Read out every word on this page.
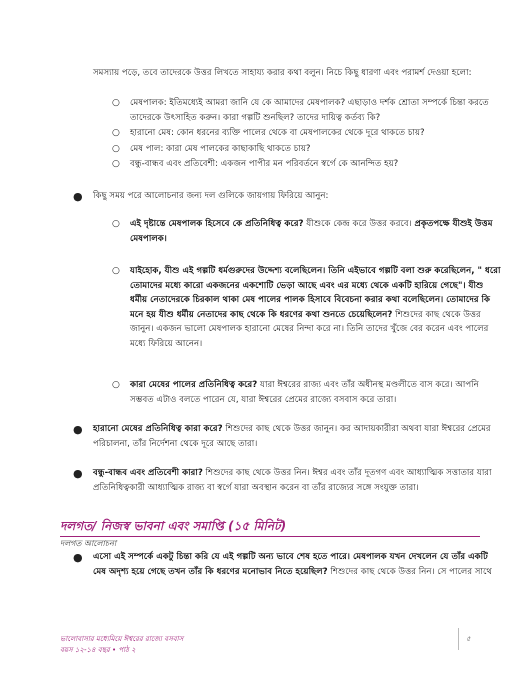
সমস্যায় পড়ে, তবে তাদেরকে উত্তর লিখতে সাহায্য করার কথা বলুন। নিচে কিছু ধারণা এবং পরামর্শ দেওয়া হলো:
○ মেষপালক: ইতিমধ্যেই আমরা জানি যে কে আমাদের মেষপালক? এছাড়াও দর্শক শ্রোতা সম্পর্কে চিন্তা করতে তাদেরকে উৎসাহিত করুন। কারা গল্পটি শুনছিল? তাদের দায়িত্ব কর্তব্য কি?
○ হারানো মেষ: কোন ধরনের ব্যক্তি পালের থেকে বা মেষপালকের থেকে দূরে থাকতে চায়?
○ মেষ পাল: কারা মেষ পালকের কাছাকাছি থাকতে চায়?
○ বন্ধু-বান্ধব এবং প্রতিবেশী: একজন পাপীর মন পরিবর্তনে স্বর্গে কে আনন্দিত হয়?
● কিছু সময় পরে আলোচনার জন্য দল গুলিকে জায়গায় ফিরিয়ে আনুন:
○ এই দৃষ্টান্তে মেষপালক হিসেবে কে প্রতিনিধিত্ব করে? যীশুকে কেন্দ্র করে উত্তর করবে। প্রকৃতপক্ষে যীশুই উত্তম মেষপালক।
○ যাইহোক, যীশু এই গল্পটি ধর্মগুরুদের উদ্দেশ্য বলেছিলেন। তিনি এইভাবে গল্পটি বলা শুরু করেছিলেন, " ধরো তোমাদের মধ্যে কারো একজনের একশোটি ভেড়া আছে এবং এর মধ্যে থেকে একটি হারিয়ে গেছে"। যীশু ধর্মীয় নেতাদেরকে চিরকাল থাকা মেষ পালের পালক হিসাবে বিবেচনা করার কথা বলেছিলেন। তোমাদের কি মনে হয় যীশু ধর্মীয় নেতাদের কাছ থেকে কি ধরণের কথা শুনতে চেয়েছিলেন? শিশুদের কাছ থেকে উত্তর জানুন। একজন ভালো মেষপালক হারানো মেষের নিন্দা করে না। তিনি তাদের খুঁজে বের করেন এবং পালের মধ্যে ফিরিয়ে আনেন।
○ কারা মেষের পালের প্রতিনিধিত্ব করে? যারা ঈশ্বরের রাজ্য এবং তাঁর অধীনস্থ মণ্ডলীতে বাস করে। আপনি সম্ভবত এটাও বলতে পারেন যে, যারা ঈশ্বরের প্রেমের রাজ্যে বসবাস করে তারা।
● হারানো মেষের প্রতিনিধিত্ব কারা করে? শিশুদের কাছ থেকে উত্তর জানুন। কর আদায়কারীরা অথবা যারা ঈশ্বরের প্রেমের পরিচালনা, তাঁর নির্দেশনা থেকে দূরে আছে তারা।
● বন্ধু-বান্ধব এবং প্রতিবেশী কারা? শিশুদের কাছ থেকে উত্তর নিন। ঈশ্বর এবং তাঁর দূতগণ এবং আধ্যাত্মিক সত্তাতার যারা প্রতিনিধিত্বকারী আধ্যাত্মিক রাজ্য বা স্বর্গে যারা অবস্থান করেন বা তাঁর রাজ্যের সঙ্গে সংযুক্ত তারা।
দলগত/ নিজস্ব ভাবনা এবং সমাপ্তি (১৫ মিনিট)
দলগত আলোচনা
● এসো এই সম্পর্কে একটু চিন্তা করি যে এই গল্পটি অন্য ভাবে শেষ হতে পারে। মেষপালক যখন দেখলেন যে তাঁর একটি মেষ অদৃশ্য হয়ে গেছে তখন তাঁর কি ধরণের মনোভাব নিতে হয়েছিল? শিশুদের কাছ থেকে উত্তর নিন। সে পালের সাথে
ভালোবাসার মধ্যেমিয়ে ঈশ্বরের রাজ্যে বসবাস
বয়স ১২-১৪ বছর • পাঠ ২
৫
